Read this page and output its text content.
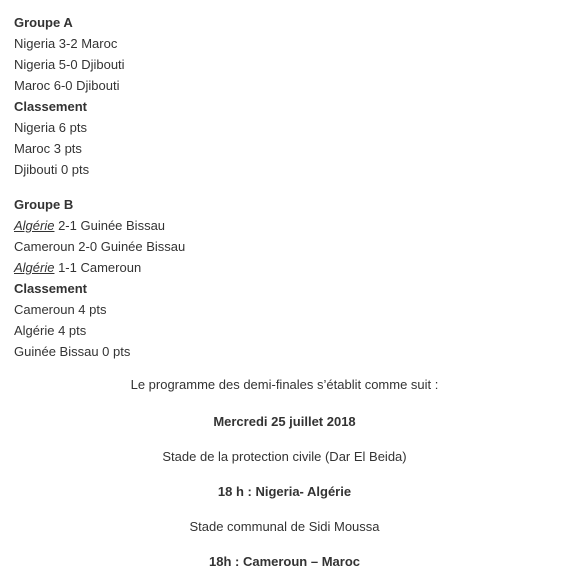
Groupe A
Nigeria 3-2 Maroc
Nigeria 5-0 Djibouti
Maroc 6-0 Djibouti
Classement
Nigeria 6 pts
Maroc 3 pts
Djibouti 0 pts
Groupe B
Algérie 2-1 Guinée Bissau
Cameroun 2-0 Guinée Bissau
Algérie 1-1 Cameroun
Classement
Cameroun 4 pts
Algérie 4 pts
Guinée Bissau 0 pts
Le programme des demi-finales s’établit comme suit :
Mercredi 25 juillet 2018
Stade de la protection civile (Dar El Beida)
18 h : Nigeria- Algérie
Stade communal de Sidi Moussa
18h : Cameroun – Maroc
